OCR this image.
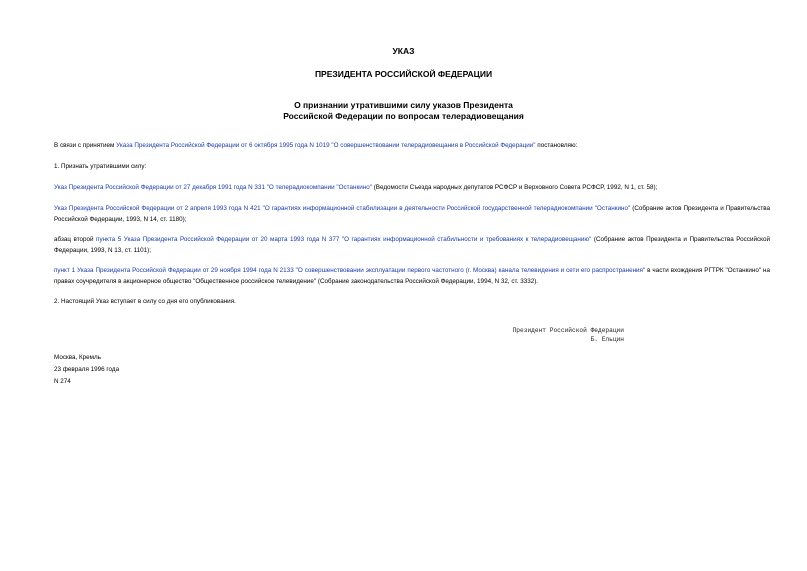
УКАЗ
ПРЕЗИДЕНТА РОССИЙСКОЙ ФЕДЕРАЦИИ
О признании утратившими силу указов Президента
Российской Федерации по вопросам телерадиовещания
В связи с принятием Указа Президента Российской Федерации от 6 октября 1995 года N 1019 "О совершенствовании телерадиовещания в Российской Федерации" постановляю:
1. Признать утратившими силу:
Указ Президента Российской Федерации от 27 декабря 1991 года N 331 "О телерадиокомпании "Останкино" (Ведомости Съезда народных депутатов РСФСР и Верховного Совета РСФСР, 1992, N 1, ст. 58);
Указ Президента Российской Федерации от 2 апреля 1993 года N 421 "О гарантиях информационной стабилизации в деятельности Российской государственной телерадиокомпании "Останкино" (Собрание актов Президента и Правительства Российской Федерации, 1993, N 14, ст. 1180);
абзац второй пункта 5 Указа Президента Российской Федерации от 20 марта 1993 года N 377 "О гарантиях информационной стабильности и требованиях к телерадиовещанию" (Собрание актов Президента и Правительства Российской Федерации, 1993, N 13, ст. 1101);
пункт 1 Указа Президента Российской Федерации от 29 ноября 1994 года N 2133 "О совершенствовании эксплуатации первого частотного (г. Москва) канала телевидения и сети его распространения" в части вхождения РГТРК "Останкино" на правах соучредителя в акционерное общество "Общественное российское телевидение" (Собрание законодательства Российской Федерации, 1994, N 32, ст. 3332).
2. Настоящий Указ вступает в силу со дня его опубликования.
Президент Российской Федерации
Б. Ельцин
Москва, Кремль
23 февраля 1996 года
N 274
